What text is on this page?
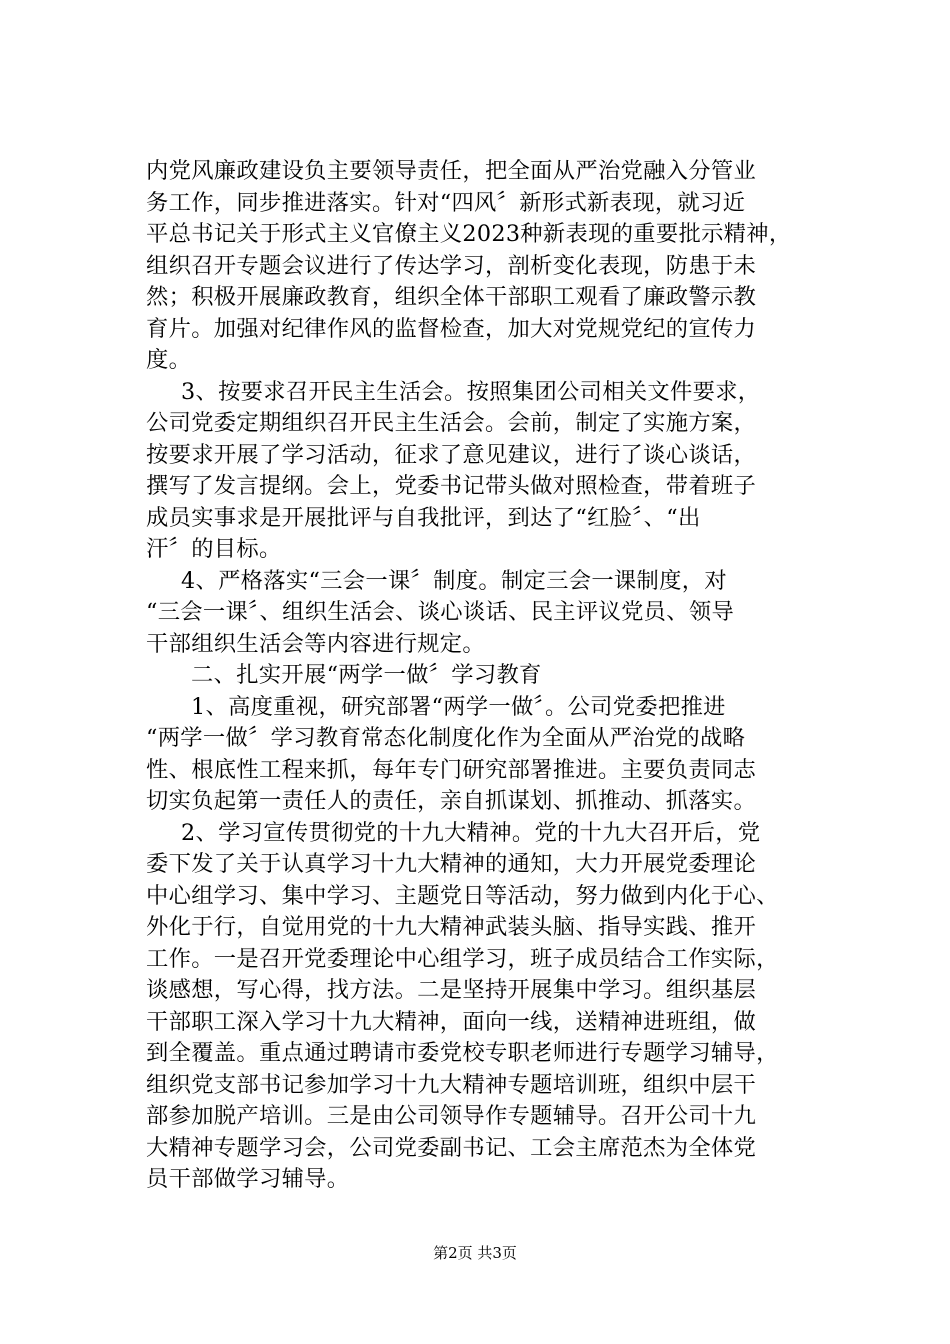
内党风廉政建设负主要领导责任，把全面从严治党融入分管业
务工作，同步推进落实。针对“四风〞新形式新表现，就习近
平总书记关于形式主义官僚主义2023种新表现的重要批示精神，
组织召开专题会议进行了传达学习，剖析变化表现，防患于未
然；积极开展廉政教育，组织全体干部职工观看了廉政警示教
育片。加强对纪律作风的监督检查，加大对党规党纪的宣传力
度。
3、按要求召开民主生活会。按照集团公司相关文件要求，
公司党委定期组织召开民主生活会。会前，制定了实施方案，
按要求开展了学习活动，征求了意见建议，进行了谈心谈话，
撰写了发言提纲。会上，党委书记带头做对照检查，带着班子
成员实事求是开展批评与自我批评，到达了“红脸〞、“出
汗〞的目标。
4、严格落实“三会一课〞制度。制定三会一课制度，对
“三会一课〞、组织生活会、谈心谈话、民主评议党员、领导
干部组织生活会等内容进行规定。
二、扎实开展“两学一做〞学习教育
1、高度重视，研究部署“两学一做〞。公司党委把推进
“两学一做〞学习教育常态化制度化作为全面从严治党的战略
性、根底性工程来抓，每年专门研究部署推进。主要负责同志
切实负起第一责任人的责任，亲自抓谋划、抓推动、抓落实。
2、学习宣传贯彻党的十九大精神。党的十九大召开后，党
委下发了关于认真学习十九大精神的通知，大力开展党委理论
中心组学习、集中学习、主题党日等活动，努力做到内化于心、
外化于行，自觉用党的十九大精神武装头脑、指导实践、推开
工作。一是召开党委理论中心组学习，班子成员结合工作实际，
谈感想，写心得，找方法。二是坚持开展集中学习。组织基层
干部职工深入学习十九大精神，面向一线，送精神进班组，做
到全覆盖。重点通过聘请市委党校专职老师进行专题学习辅导，
组织党支部书记参加学习十九大精神专题培训班，组织中层干
部参加脱产培训。三是由公司领导作专题辅导。召开公司十九
大精神专题学习会，公司党委副书记、工会主席范杰为全体党
员干部做学习辅导。
第2页 共3页
